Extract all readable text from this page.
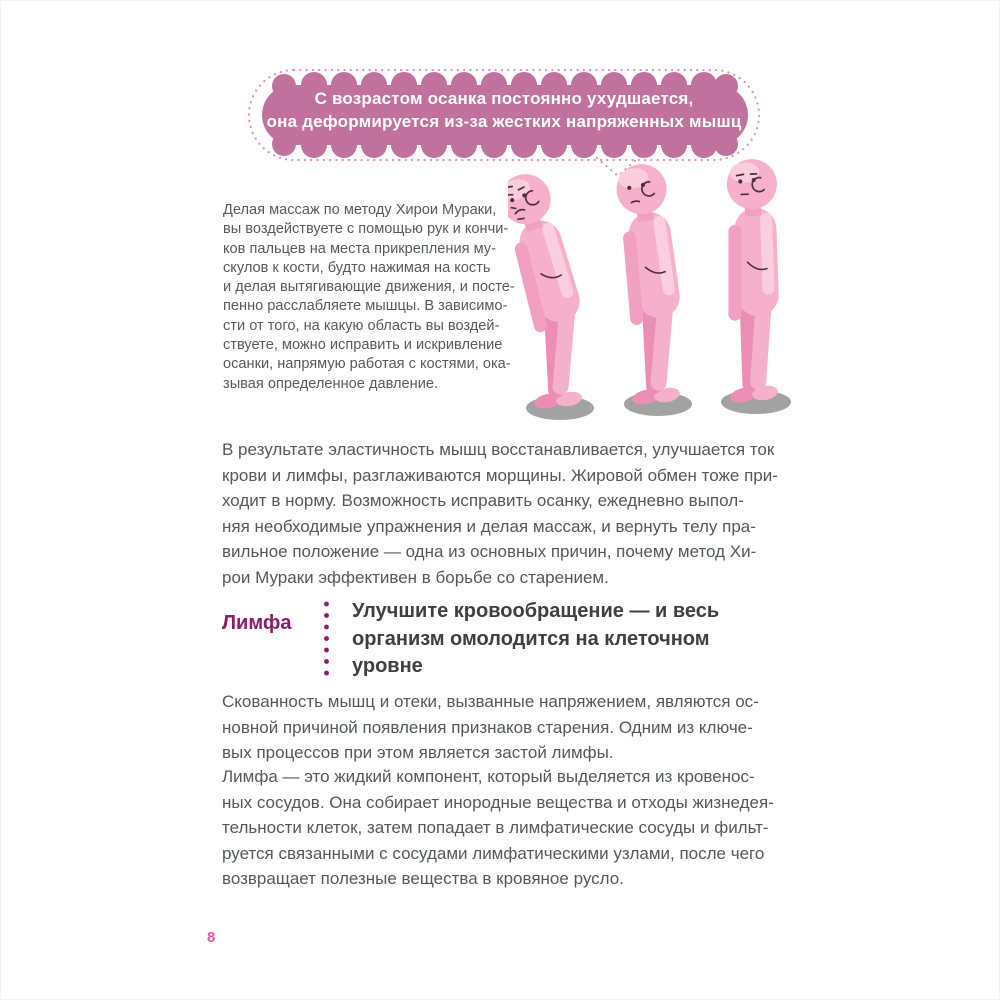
С возрастом осанка постоянно ухудшается,
она деформируется из-за жестких напряженных мышц
Делая массаж по методу Хирои Мураки,
вы воздействуете с помощью рук и кончи-
ков пальцев на места прикрепления му-
скулов к кости, будто нажимая на кость
и делая вытягивающие движения, и посте-
пенно расслабляете мышцы. В зависимо-
сти от того, на какую область вы воздей-
ствуете, можно исправить и искривление
осанки, напрямую работая с костями, ока-
зывая определенное давление.
В результате эластичность мышц восстанавливается, улучшается ток
крови и лимфы, разглаживаются морщины. Жировой обмен тоже при-
ходит в норму. Возможность исправить осанку, ежедневно выпол-
няя необходимые упражнения и делая массаж, и вернуть телу пра-
вильное положение — одна из основных причин, почему метод Хи-
рои Мураки эффективен в борьбе со старением.
Лимфа
Улучшите кровообращение — и весь
организм омолодится на клеточном
уровне
Скованность мышц и отеки, вызванные напряжением, являются ос-
новной причиной появления признаков старения. Одним из ключе-
вых процессов при этом является застой лимфы.
Лимфа — это жидкий компонент, который выделяется из кровенос-
ных сосудов. Она собирает инородные вещества и отходы жизнедея-
тельности клеток, затем попадает в лимфатические сосуды и фильт-
руется связанными с сосудами лимфатическими узлами, после чего
возвращает полезные вещества в кровяное русло.
8
